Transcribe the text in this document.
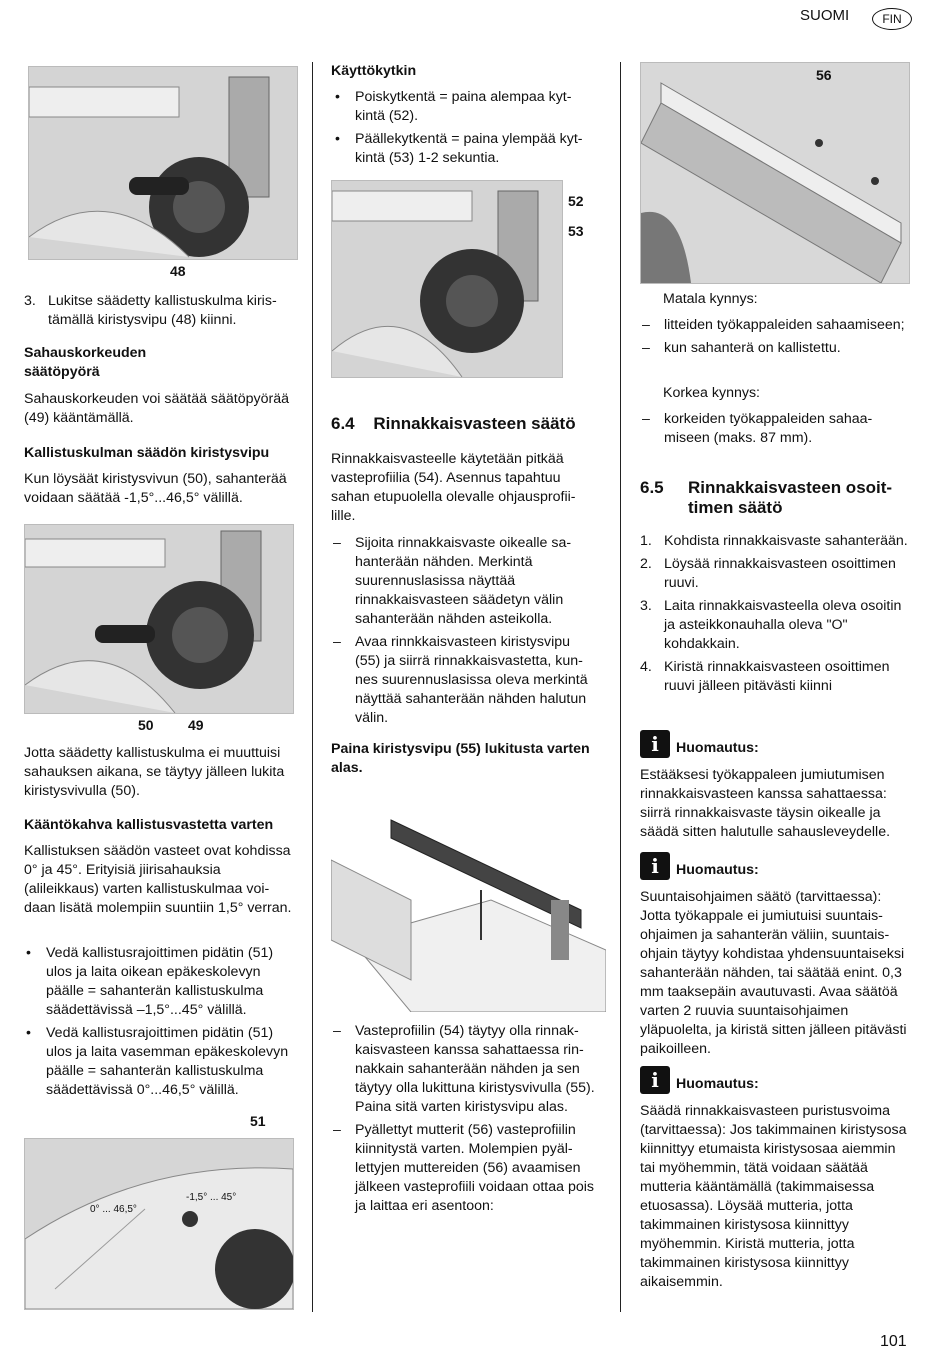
SUOMI	FIN
48
3. Lukitse säädetty kallistuskulma kiristämällä kiristysvipu (48) kiinni.

Sahauskorkeuden säätöpyörä

Sahauskorkeuden voi säätää säätöpyörää (49) kääntämällä.

Kallistuskulman säädön kiristysvipu

Kun löysäät kiristysvivun (50), sahanterää voidaan säätää -1,5°...46,5° välillä.

50 49

Jotta säädetty kallistuskulma ei muuttuisi sahauksen aikana, se täytyy jälleen lukita kiristysvivulla (50).

Kääntökahva kallistusvastetta varten

Kallistuksen säädön vasteet ovat kohdissa 0° ja 45°. Erityisiä jiirisahauksia (alileikkaus) varten kallistuskulmaa voidaan lisätä molempiin suuntiin 1,5° verran.

• Vedä kallistusrajoittimen pidätin (51) ulos ja laita oikean epäkeskolevyn päälle = sahanterän kallistuskulma säädettävissä –1,5°...45° välillä.
• Vedä kallistusrajoittimen pidätin (51) ulos ja laita vasemman epäkeskolevyn päälle = sahanterän kallistuskulma säädettävissä 0°...46,5° välillä.
51
0° ... 46,5°
-1,5° ... 45°
Käyttökytkin
• Poiskytkentä = paina alempaa kytkintä (52).
• Päällekytkentä = paina ylempää kytkintä (53) 1-2 sekuntia.
52
53
6.4 Rinnakkaisvasteen säätö

Rinnakkaisvasteelle käytetään pitkää vasteprofiilia (54). Asennus tapahtuu sahan etupuolella olevalle ohjausprofiilille.

– Sijoita rinnakkaisvaste oikealle sahanterään nähden. Merkintä suurennuslasissa näyttää rinnakkaisvasteen säädetyn välin sahanterään nähden asteikolla.
– Avaa rinnkkaisvasteen kiristysvipu (55) ja siirrä rinnakkaisvastetta, kunnes suurennuslasissa oleva merkintä näyttää sahanterään nähden halutun välin.

Paina kiristysvipu (55) lukitusta varten alas.

– Vasteprofiilin (54) täytyy olla rinnakkaisvasteen kanssa sahattaessa rinnakkain sahanterään nähden ja sen täytyy olla lukittuna kiristysvivulla (55). Paina sitä varten kiristysvipu alas.
– Pyällettyt mutterit (56) vasteprofiilin kiinnitystä varten. Molempien pyällettyjen muttereiden (56) avaamisen jälkeen vasteprofiili voidaan ottaa pois ja laittaa eri asentoon:
56

Matala kynnys:

– litteiden työkappaleiden sahaamiseen;
– kun sahanterä on kallistettu.

Korkea kynnys:

– korkeiden työkappaleiden sahaamiseen (maks. 87 mm).
6.5	Rinnakkaisvasteen osoittimen säätö
1. Kohdista rinnakkaisvaste sahanterään.
2. Löysää rinnakkaisvasteen osoittimen ruuvi.
3. Laita rinnakkaisvasteella oleva osoitin ja asteikkonauhalla oleva "O" kohdakkain.
4. Kiristä rinnakkaisvasteen osoittimen ruuvi jälleen pitävästi kiinni
i	Huomautus:

Estääksesi työkappaleen jumiutumisen rinnakkaisvasteen kanssa sahattaessa: siirrä rinnakkaisvaste täysin oikealle ja säädä sitten halutulle sahausleveydelle.

i	Huomautus:

Suuntaisohjaimen säätö (tarvittaessa): Jotta työkappale ei jumiutuisi suuntaisohjaimen ja sahanterän väliin, suuntaisohjain täytyy kohdistaa yhdensuuntaiseksi sahanterään nähden, tai säätää enint. 0,3 mm taaksepäin avautuvasti. Avaa säätöä varten 2 ruuvia suuntaisohjaimen yläpuolelta, ja kiristä sitten jälleen pitävästi paikoilleen.

i	Huomautus:

Säädä rinnakkaisvasteen puristusvoima (tarvittaessa): Jos takimmainen kiristysosa kiinnittyy etumaista kiristysosaa aiemmin tai myöhemmin, tätä voidaan säätää mutteria kääntämällä (takimmaisessa etuosassa). Löysää mutteria, jotta takimmainen kiristysosa kiinnittyy myöhemmin. Kiristä mutteria, jotta takimmainen kiristysosa kiinnittyy aikaisemmin.

101
